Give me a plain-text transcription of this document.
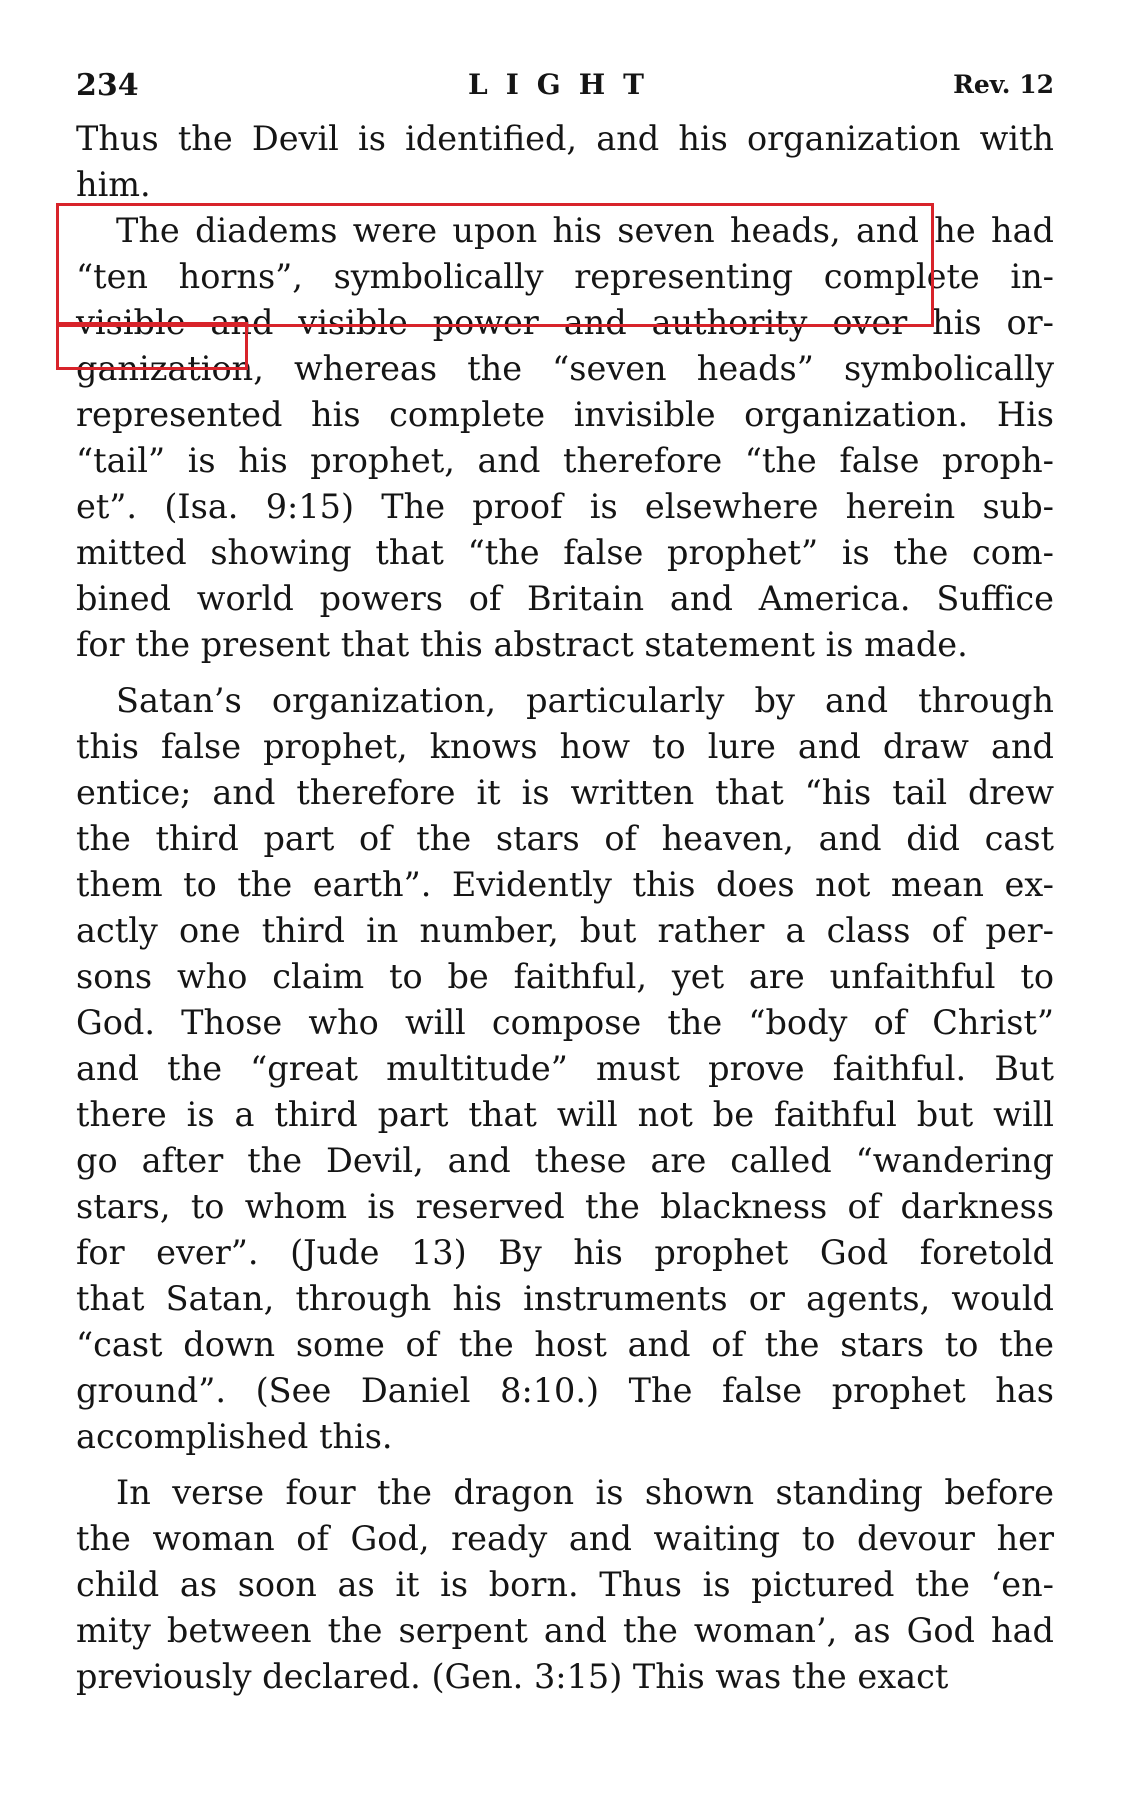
234	LIGHT	Rev. 12
Thus the Devil is identified, and his organization with
him.
The diadems were upon his seven heads, and he had
“ten horns”, symbolically representing complete in-
visible and visible power and authority over his or-
ganization, whereas the “seven heads” symbolically
represented his complete invisible organization. His
“tail” is his prophet, and therefore “the false proph-
et”. (Isa. 9:15) The proof is elsewhere herein sub-
mitted showing that “the false prophet” is the com-
bined world powers of Britain and America. Suffice
for the present that this abstract statement is made.
Satan’s organization, particularly by and through
this false prophet, knows how to lure and draw and
entice; and therefore it is written that “his tail drew
the third part of the stars of heaven, and did cast
them to the earth”. Evidently this does not mean ex-
actly one third in number, but rather a class of per-
sons who claim to be faithful, yet are unfaithful to
God. Those who will compose the “body of Christ”
and the “great multitude” must prove faithful. But
there is a third part that will not be faithful but will
go after the Devil, and these are called “wandering
stars, to whom is reserved the blackness of darkness
for ever”. (Jude 13) By his prophet God foretold
that Satan, through his instruments or agents, would
“cast down some of the host and of the stars to the
ground”. (See Daniel 8:10.) The false prophet has
accomplished this.
In verse four the dragon is shown standing before
the woman of God, ready and waiting to devour her
child as soon as it is born. Thus is pictured the ‘en-
mity between the serpent and the woman’, as God had
previously declared. (Gen. 3:15) This was the exact
